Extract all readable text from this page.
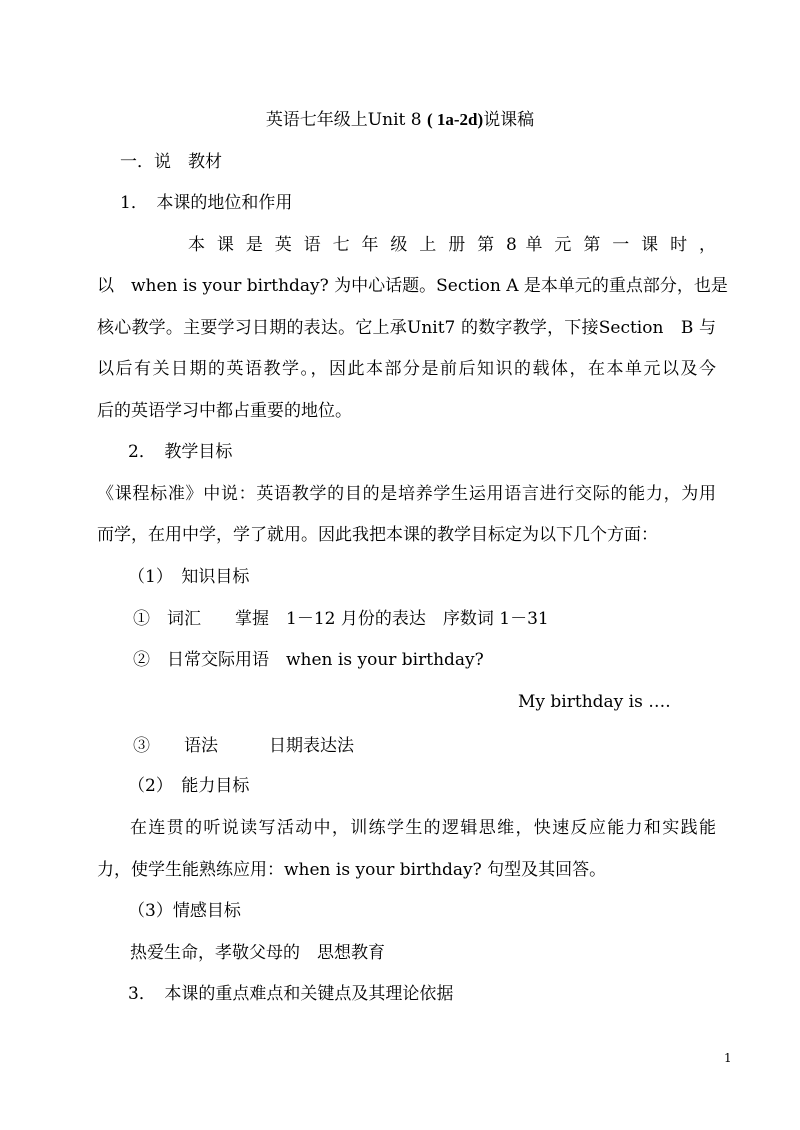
英语七年级上Unit 8 ( 1a-2d)说课稿
一．说　教材
1．　本课的地位和作用
本 课 是 英 语 七 年 级 上 册 第 8 单 元 第 一 课 时 ，
以　when is your birthday? 为中心话题。Section A 是本单元的重点部分，也是
核心教学。主要学习日期的表达。它上承Unit7 的数字教学，下接Section　B 与
以后有关日期的英语教学。，因此本部分是前后知识的载体，在本单元以及今
后的英语学习中都占重要的地位。
2．　教学目标
《课程标准》中说：英语教学的目的是培养学生运用语言进行交际的能力，为用
而学，在用中学，学了就用。因此我把本课的教学目标定为以下几个方面：
（1）　知识目标
①　词汇　　掌握　1－12 月份的表达　序数词 1－31
②　日常交际用语　when is your birthday?
My birthday is ….
③　　语法　　　日期表达法
（2）　能力目标
在连贯的听说读写活动中，训练学生的逻辑思维，快速反应能力和实践能
力，使学生能熟练应用：when is your birthday? 句型及其回答。
（3）情感目标
热爱生命，孝敬父母的　思想教育
3．　本课的重点难点和关键点及其理论依据
1
